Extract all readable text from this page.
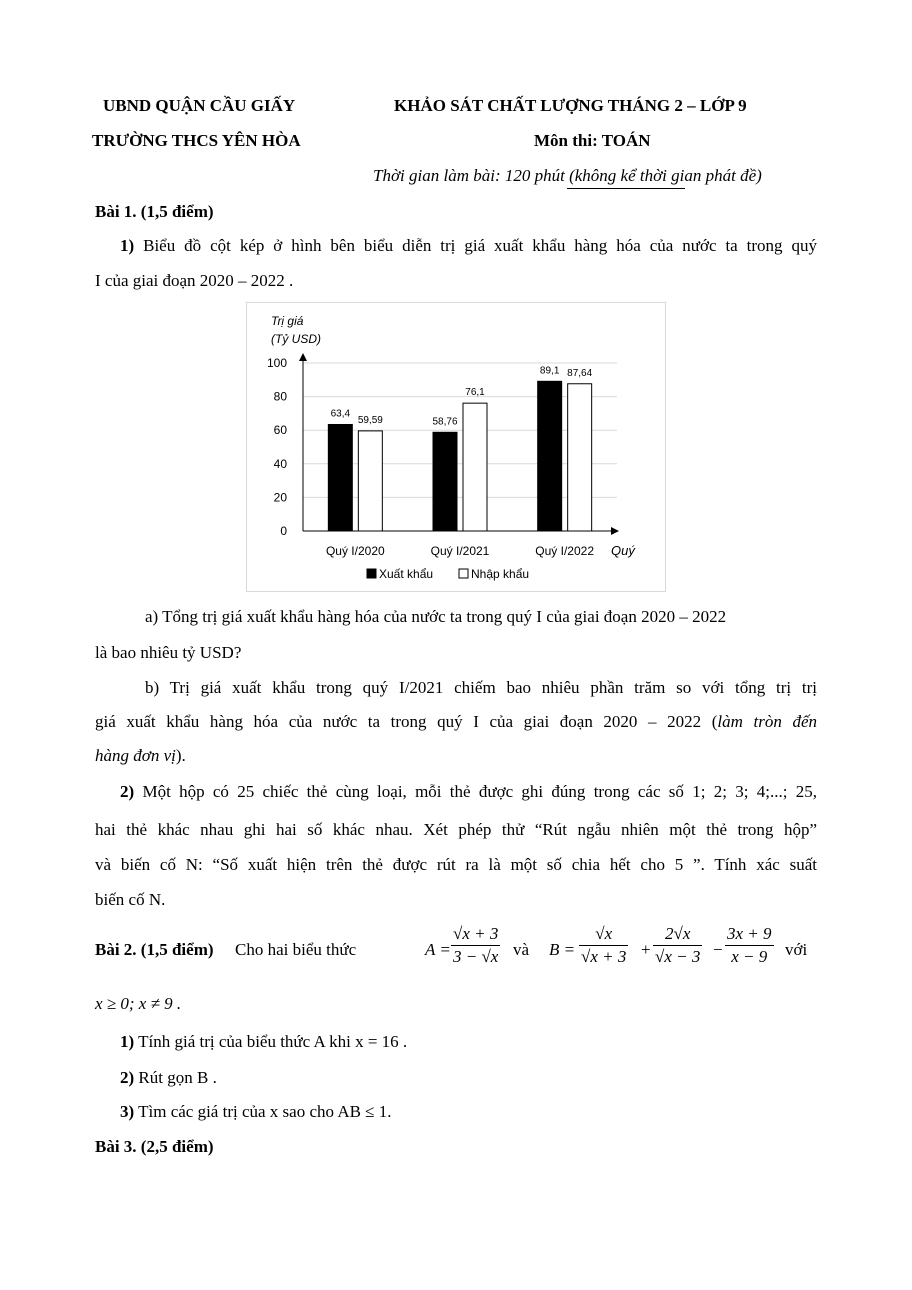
UBND QUẬN CẦU GIẤY
TRƯỜNG THCS YÊN HÒA
KHẢO SÁT CHẤT LƯỢNG THÁNG 2 – LỚP 9
Môn thi: TOÁN
Thời gian làm bài: 120 phút (không kể thời gian phát đề)
Bài 1. (1,5 điểm)
1) Biểu đồ cột kép ở hình bên biểu diễn trị giá xuất khẩu hàng hóa của nước ta trong quý
I của giai đoạn 2020 – 2022 .
Trị giá
(Tỷ USD)
Quý
0
20
40
60
80
100
63,4
59,59
Quý I/2020
58,76
76,1
Quý I/2021
89,1 87,64
Quý I/2022
Xuất khẩu	Nhập khẩu
a) Tổng trị giá xuất khẩu hàng hóa của nước ta trong quý I của giai đoạn 2020 – 2022
là bao nhiêu tỷ USD?
b) Trị giá xuất khẩu trong quý I/2021 chiếm bao nhiêu phần trăm so với tổng trị trị
giá xuất khẩu hàng hóa của nước ta trong quý I của giai đoạn 2020 – 2022 (làm tròn đến
hàng đơn vị).
2) Một hộp có 25 chiếc thẻ cùng loại, mỗi thẻ được ghi đúng trong các số 1; 2; 3; 4;...; 25,
hai thẻ khác nhau ghi hai số khác nhau. Xét phép thử “Rút ngẫu nhiên một thẻ trong hộp”
và biến cố N: “Số xuất hiện trên thẻ được rút ra là một số chia hết cho 5 ”. Tính xác suất
biến cố N.
Bài 2. (1,5 điểm) Cho hai biểu thức	$A = \frac{√x + 3}{3 - √x}$ và $B = \frac{√x}{√x + 3} + \frac{2√x}{√x - 3} - \frac{3x + 9}{x - 9}$ với
x ≥ 0; x ≠ 9 .
1) Tính giá trị của biểu thức A khi x = 16 .
2) Rút gọn B .
3) Tìm các giá trị của x sao cho AB ≤ 1.
Bài 3. (2,5 điểm)
